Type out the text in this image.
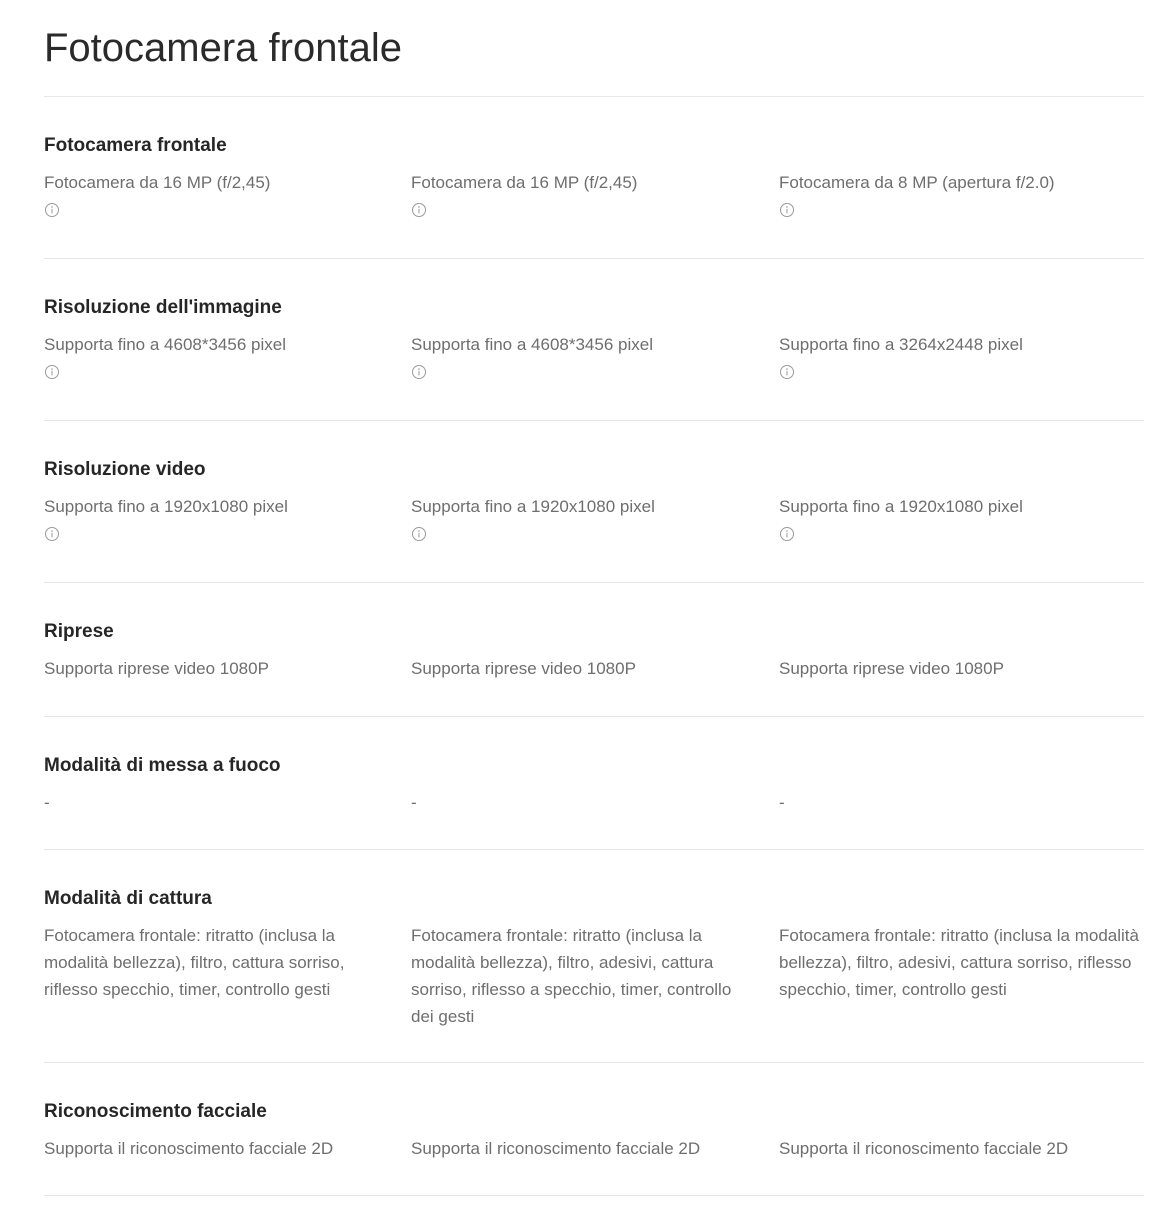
Fotocamera frontale
Fotocamera frontale
Fotocamera da 16 MP (f/2,45)	Fotocamera da 16 MP (f/2,45)	Fotocamera da 8 MP (apertura f/2.0)
Risoluzione dell'immagine
Supporta fino a 4608*3456 pixel	Supporta fino a 4608*3456 pixel	Supporta fino a 3264x2448 pixel
Risoluzione video
Supporta fino a 1920x1080 pixel	Supporta fino a 1920x1080 pixel	Supporta fino a 1920x1080 pixel
Riprese
Supporta riprese video 1080P	Supporta riprese video 1080P	Supporta riprese video 1080P
Modalità di messa a fuoco
-	-	-
Modalità di cattura
Fotocamera frontale: ritratto (inclusa la modalità bellezza), filtro, cattura sorriso, riflesso specchio, timer, controllo gesti
Fotocamera frontale: ritratto (inclusa la modalità bellezza), filtro, adesivi, cattura sorriso, riflesso a specchio, timer, controllo dei gesti
Fotocamera frontale: ritratto (inclusa la modalità bellezza), filtro, adesivi, cattura sorriso, riflesso specchio, timer, controllo gesti
Riconoscimento facciale
Supporta il riconoscimento facciale 2D	Supporta il riconoscimento facciale 2D	Supporta il riconoscimento facciale 2D
